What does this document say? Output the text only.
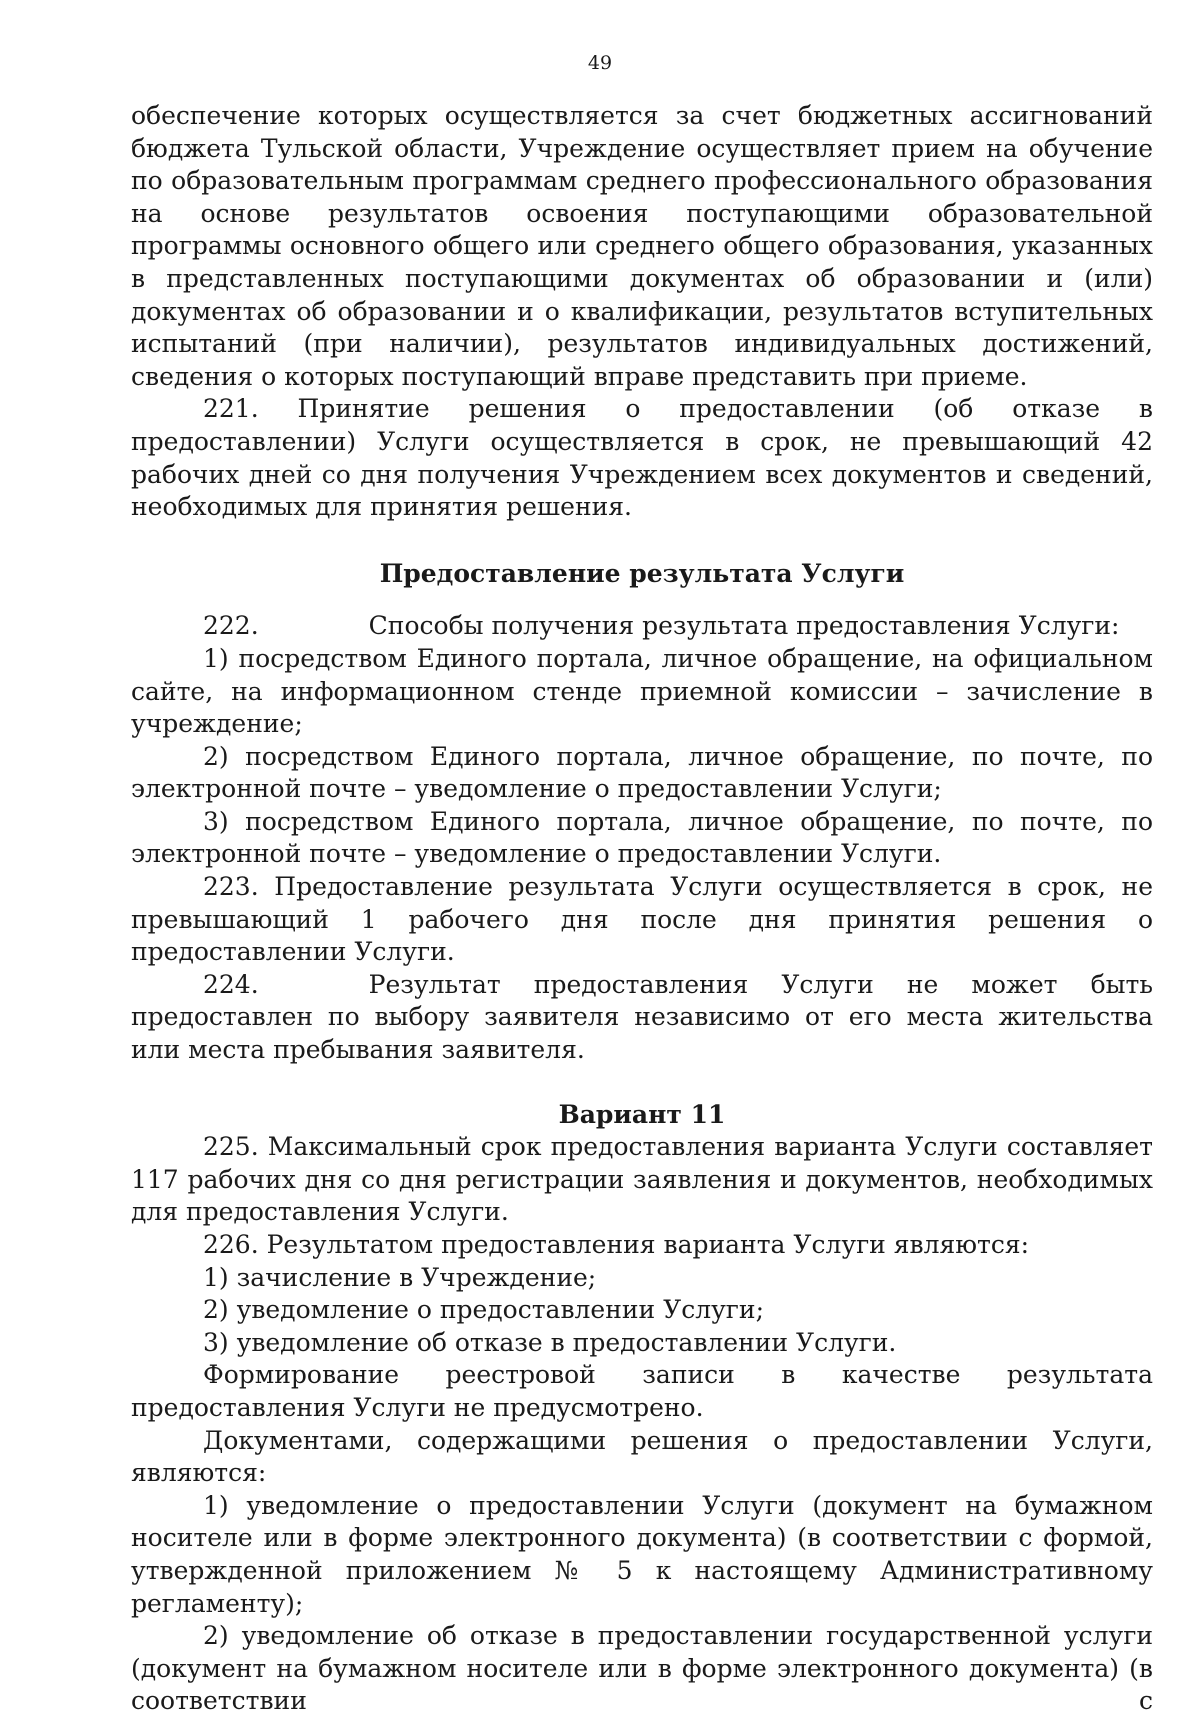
49

обеспечение которых осуществляется за счет бюджетных ассигнований бюджета Тульской области, Учреждение осуществляет прием на обучение по образовательным программам среднего профессионального образования на основе результатов освоения поступающими образовательной программы основного общего или среднего общего образования, указанных в представленных поступающими документах об образовании и (или) документах об образовании и о квалификации, результатов вступительных испытаний (при наличии), результатов индивидуальных достижений, сведения о которых поступающий вправе представить при приеме.

221. Принятие решения о предоставлении (об отказе в предоставлении) Услуги осуществляется в срок, не превышающий 42 рабочих дней со дня получения Учреждением всех документов и сведений, необходимых для принятия решения.

Предоставление результата Услуги

222.	Способы получения результата предоставления Услуги:

1) посредством Единого портала, личное обращение, на официальном сайте, на информационном стенде приемной комиссии – зачисление в учреждение;

2) посредством Единого портала, личное обращение, по почте, по электронной почте – уведомление о предоставлении Услуги;

3) посредством Единого портала, личное обращение, по почте, по электронной почте – уведомление о предоставлении Услуги.

223. Предоставление результата Услуги осуществляется в срок, не превышающий 1 рабочего дня после дня принятия решения о предоставлении Услуги.

224.	Результат предоставления Услуги не может быть предоставлен по выбору заявителя независимо от его места жительства или места пребывания заявителя.

Вариант 11

225. Максимальный срок предоставления варианта Услуги составляет 117 рабочих дня со дня регистрации заявления и документов, необходимых для предоставления Услуги.

226. Результатом предоставления варианта Услуги являются:

1) зачисление в Учреждение;

2) уведомление о предоставлении Услуги;

3) уведомление об отказе в предоставлении Услуги.

Формирование реестровой записи в качестве результата предоставления Услуги не предусмотрено.

Документами, содержащими решения о предоставлении Услуги, являются:

1) уведомление о предоставлении Услуги (документ на бумажном носителе или в форме электронного документа) (в соответствии с формой, утвержденной приложением № 5 к настоящему Административному регламенту);

2) уведомление об отказе в предоставлении государственной услуги (документ на бумажном носителе или в форме электронного документа) (в соответствии с
